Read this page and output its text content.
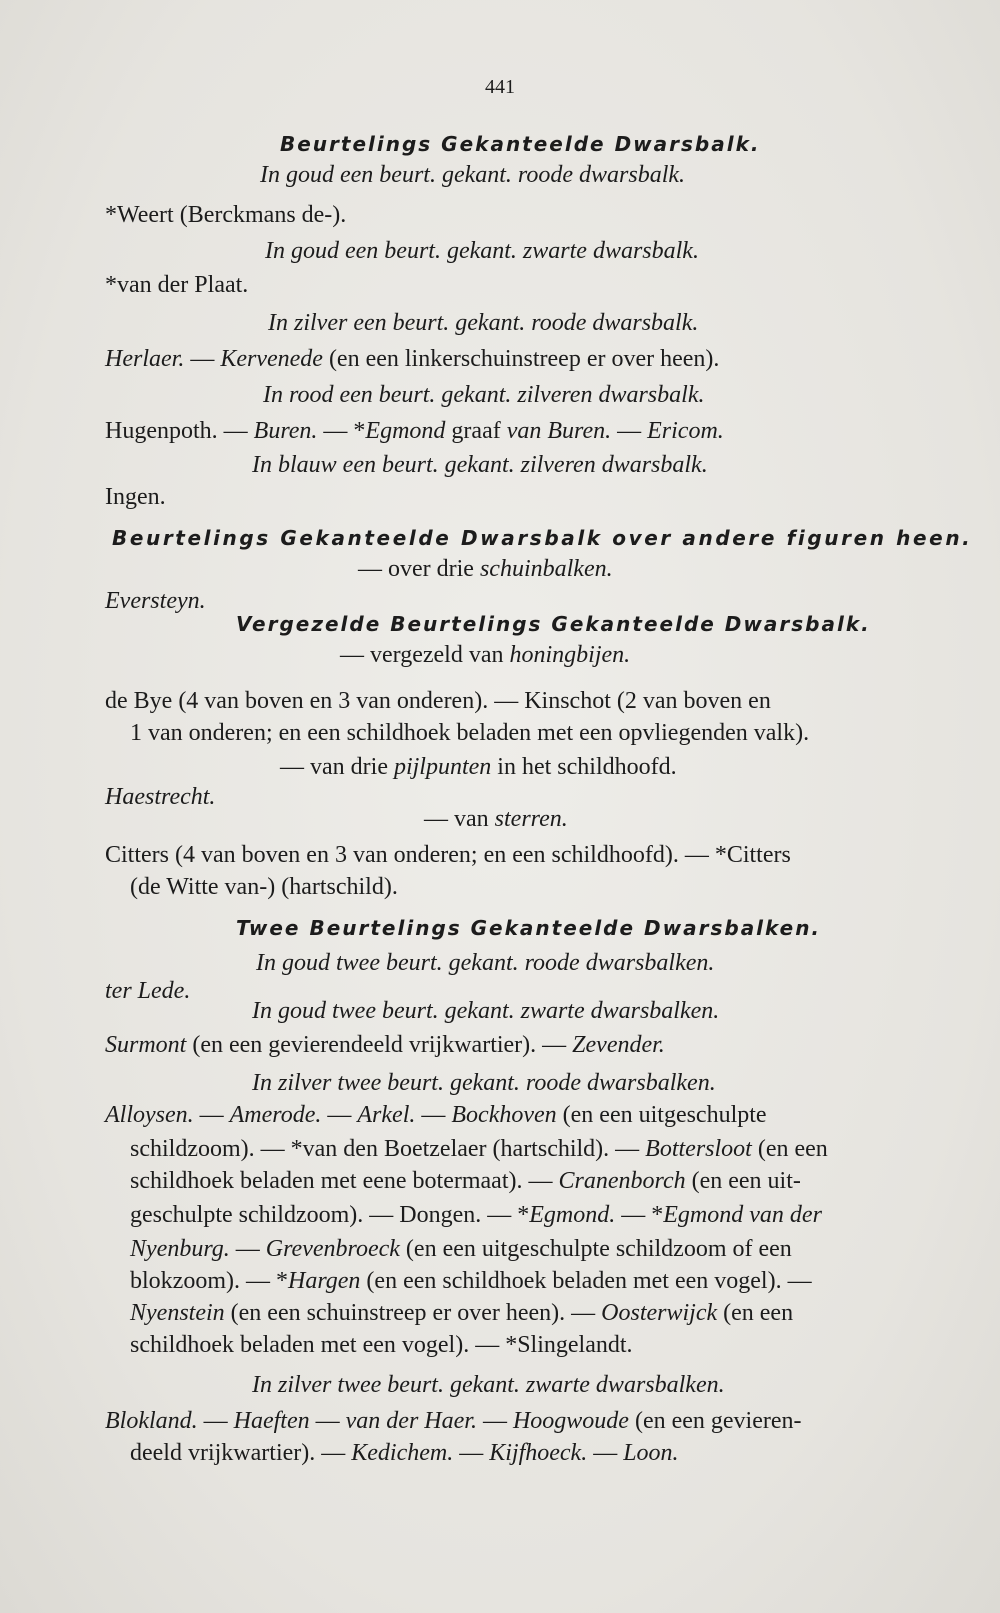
441
Beurtelings Gekanteelde Dwarsbalk.
In goud een beurt. gekant. roode dwarsbalk.
*Weert (Berckmans de-).
In goud een beurt. gekant. zwarte dwarsbalk.
*van der Plaat.
In zilver een beurt. gekant. roode dwarsbalk.
Herlaer. — Kervenede (en een linkerschuinstreep er over heen).
In rood een beurt. gekant. zilveren dwarsbalk.
Hugenpoth. — Buren. — *Egmond graaf van Buren. — Ericom.
In blauw een beurt. gekant. zilveren dwarsbalk.
Ingen.
Beurtelings Gekanteelde Dwarsbalk over andere figuren heen.
— over drie schuinbalken.
Eversteyn.
Vergezelde Beurtelings Gekanteelde Dwarsbalk.
— vergezeld van honingbijen.
de Bye (4 van boven en 3 van onderen). — Kinschot (2 van boven en
1 van onderen; en een schildhoek beladen met een opvliegenden valk).
— van drie pijlpunten in het schildhoofd.
Haestrecht.
— van sterren.
Citters (4 van boven en 3 van onderen; en een schildhoofd). — *Citters
(de Witte van-) (hartschild).
Twee Beurtelings Gekanteelde Dwarsbalken.
In goud twee beurt. gekant. roode dwarsbalken.
ter Lede.
In goud twee beurt. gekant. zwarte dwarsbalken.
Surmont (en een gevierendeeld vrijkwartier). — Zevender.
In zilver twee beurt. gekant. roode dwarsbalken.
Alloysen. — Amerode. — Arkel. — Bockhoven (en een uitgeschulpte
schildzoom). — *van den Boetzelaer (hartschild). — Bottersloot (en een
schildhoek beladen met eene botermaat). — Cranenborch (en een uit-
geschulpte schildzoom). — Dongen. — *Egmond. — *Egmond van der
Nyenburg. — Grevenbroeck (en een uitgeschulpte schildzoom of een
blokzoom). — *Hargen (en een schildhoek beladen met een vogel). —
Nyenstein (en een schuinstreep er over heen). — Oosterwijck (en een
schildhoek beladen met een vogel). — *Slingelandt.
In zilver twee beurt. gekant. zwarte dwarsbalken.
Blokland. — Haeften — van der Haer. — Hoogwoude (en een gevieren-
deeld vrijkwartier). — Kedichem. — Kijfhoeck. — Loon.
